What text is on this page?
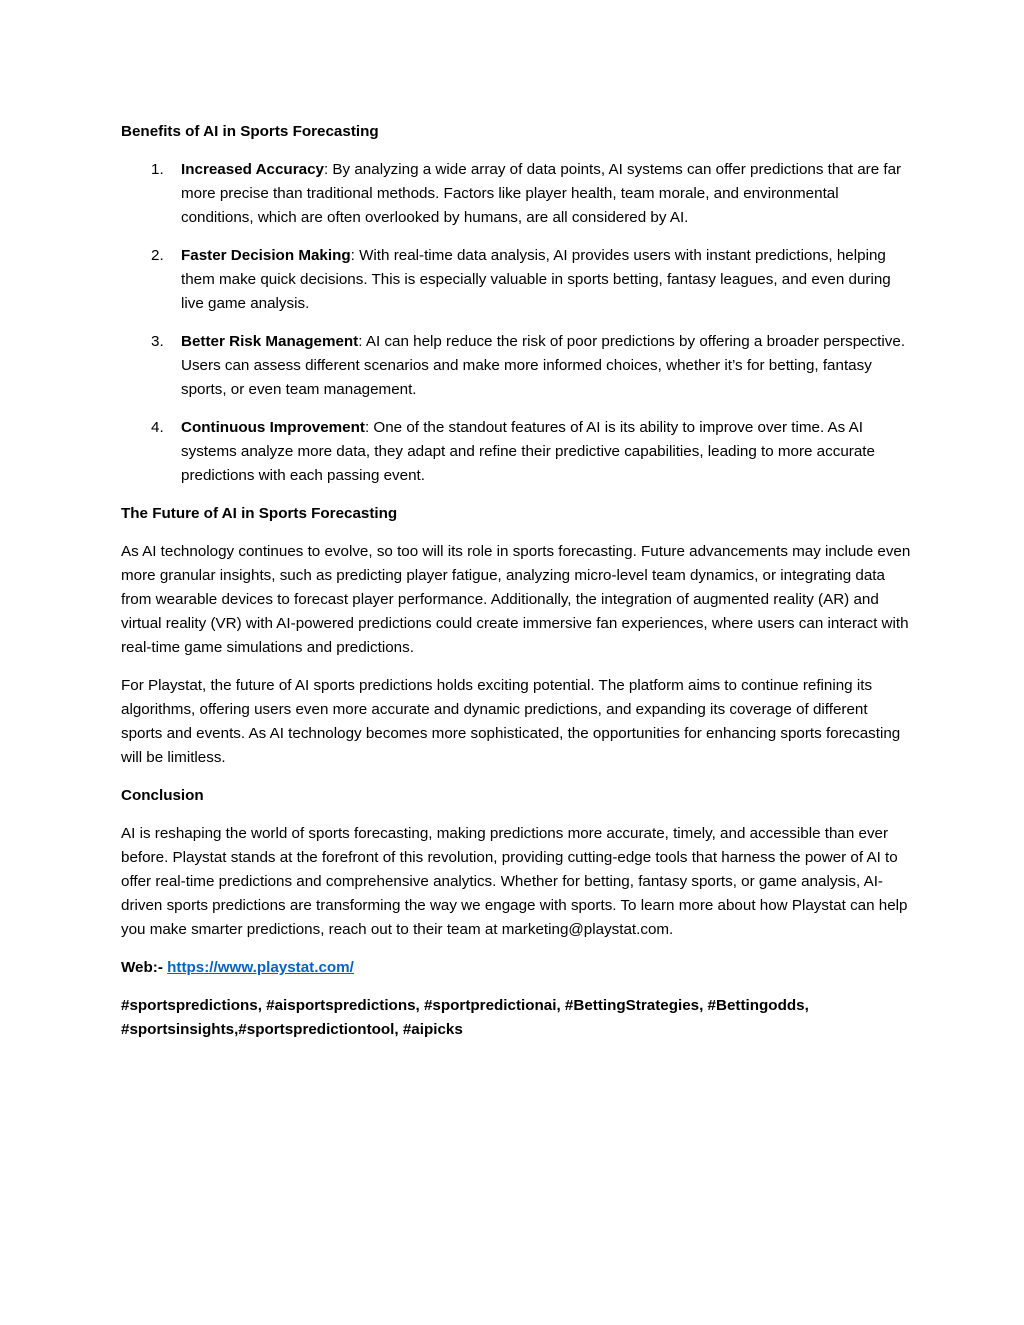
Benefits of AI in Sports Forecasting
1. Increased Accuracy: By analyzing a wide array of data points, AI systems can offer predictions that are far more precise than traditional methods. Factors like player health, team morale, and environmental conditions, which are often overlooked by humans, are all considered by AI.
2. Faster Decision Making: With real-time data analysis, AI provides users with instant predictions, helping them make quick decisions. This is especially valuable in sports betting, fantasy leagues, and even during live game analysis.
3. Better Risk Management: AI can help reduce the risk of poor predictions by offering a broader perspective. Users can assess different scenarios and make more informed choices, whether it’s for betting, fantasy sports, or even team management.
4. Continuous Improvement: One of the standout features of AI is its ability to improve over time. As AI systems analyze more data, they adapt and refine their predictive capabilities, leading to more accurate predictions with each passing event.
The Future of AI in Sports Forecasting

As AI technology continues to evolve, so too will its role in sports forecasting. Future advancements may include even more granular insights, such as predicting player fatigue, analyzing micro-level team dynamics, or integrating data from wearable devices to forecast player performance. Additionally, the integration of augmented reality (AR) and virtual reality (VR) with AI-powered predictions could create immersive fan experiences, where users can interact with real-time game simulations and predictions.

For Playstat, the future of AI sports predictions holds exciting potential. The platform aims to continue refining its algorithms, offering users even more accurate and dynamic predictions, and expanding its coverage of different sports and events. As AI technology becomes more sophisticated, the opportunities for enhancing sports forecasting will be limitless.

Conclusion

AI is reshaping the world of sports forecasting, making predictions more accurate, timely, and accessible than ever before. Playstat stands at the forefront of this revolution, providing cutting-edge tools that harness the power of AI to offer real-time predictions and comprehensive analytics. Whether for betting, fantasy sports, or game analysis, AI-driven sports predictions are transforming the way we engage with sports. To learn more about how Playstat can help you make smarter predictions, reach out to their team at marketing@playstat.com.

Web:- https://www.playstat.com/
#sportspredictions, #aisportspredictions, #sportpredictionai, #BettingStrategies, #Bettingodds,
#sportsinsights,#sportspredictiontool, #aipicks
